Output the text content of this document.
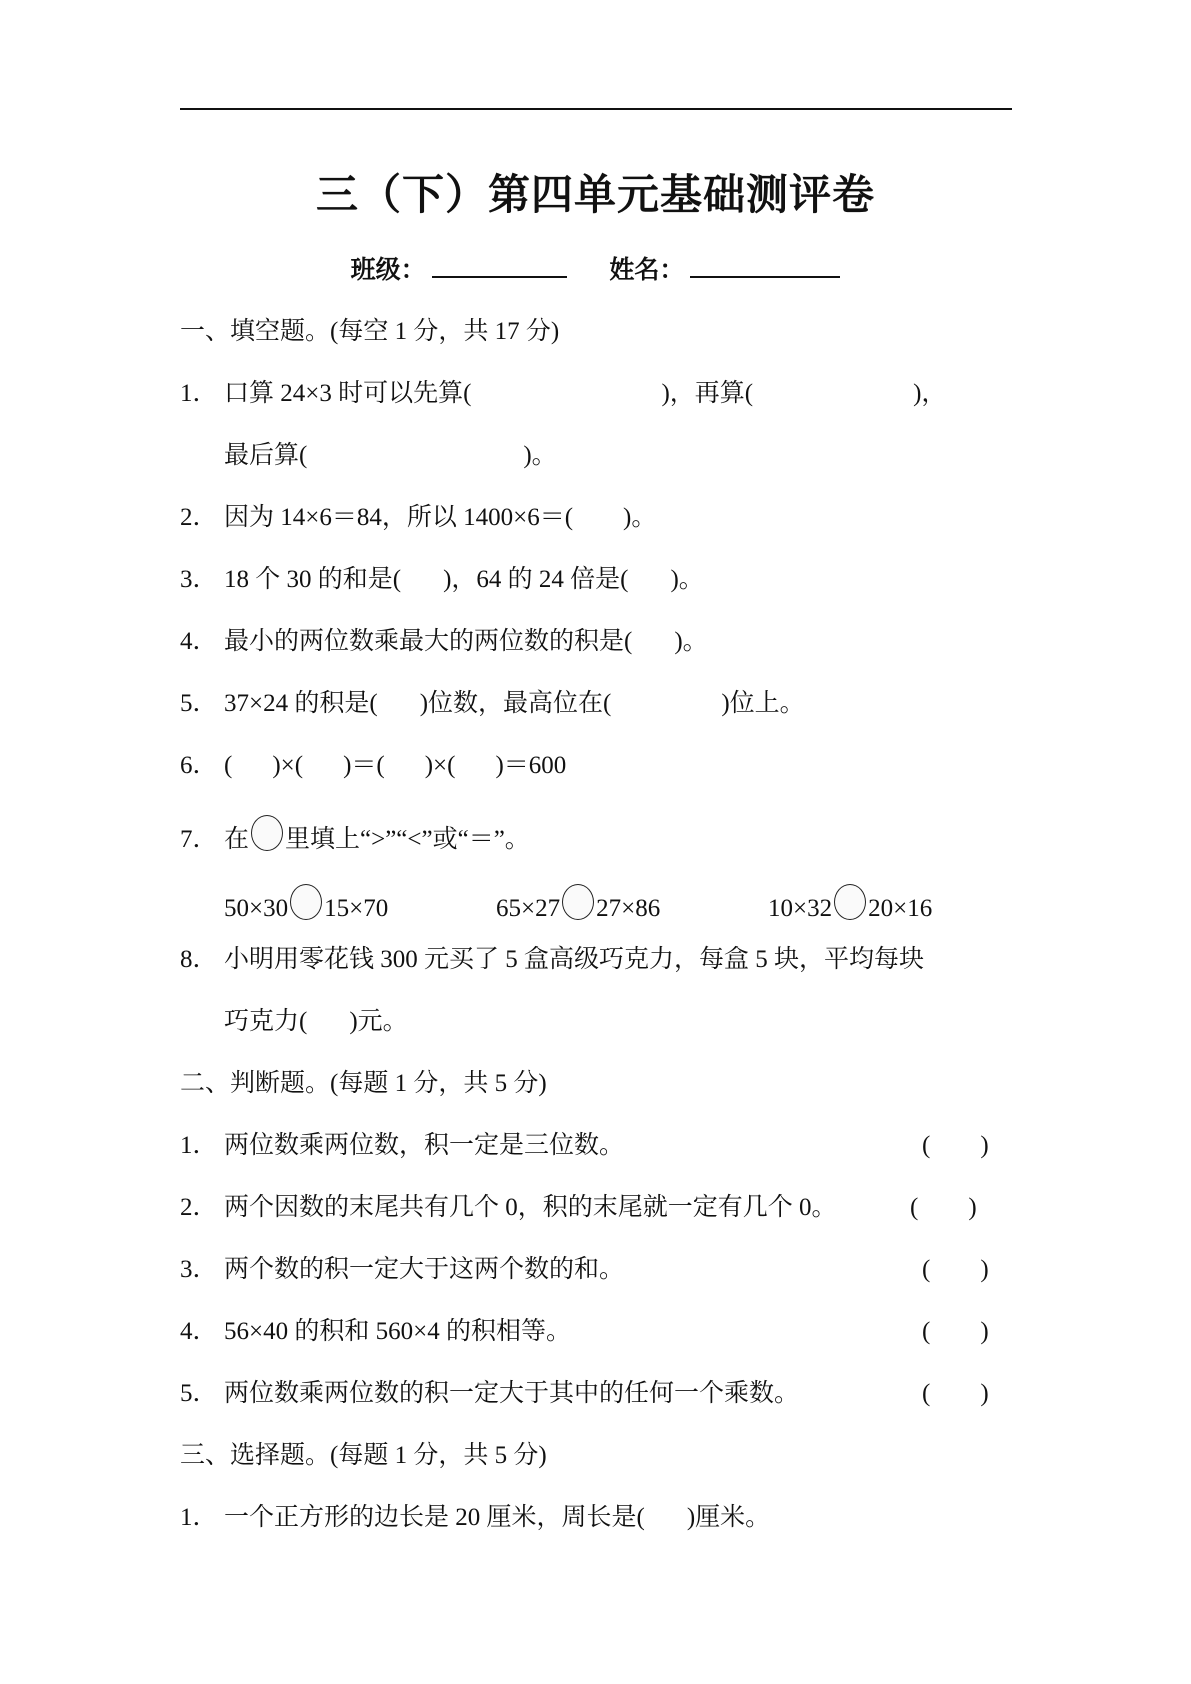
三（下）第四单元基础测评卷
班级：	姓名：
一、填空题。(每空 1 分，共 17 分)
1． 口算 24×3 时可以先算(	)，再算(	)，
最后算(	)。
2． 因为 14×6＝84，所以 1400×6＝( )。
3． 18 个 30 的和是( )，64 的 24 倍是( )。
4． 最小的两位数乘最大的两位数的积是( )。
5． 37×24 的积是( )位数，最高位在(	)位上。
6． ( )×( )＝( )×( )＝600
7． 在 里填上“>”“<”或“＝”。

50×30 15×70

	65×27 27×86

	10×32 20×16

8． 小明用零花钱 300 元买了 5 盒高级巧克力，每盒 5 块，平均每块
巧克力( )元。
二、判断题。(每题 1 分，共 5 分)
1． 两位数乘两位数，积一定是三位数。	(        )
2． 两个因数的末尾共有几个 0，积的末尾就一定有几个 0。	(        )
3． 两个数的积一定大于这两个数的和。	(        )
4． 56×40 的积和 560×4 的积相等。	(        )
5． 两位数乘两位数的积一定大于其中的任何一个乘数。	(        )
三、选择题。(每题 1 分，共 5 分)
1． 一个正方形的边长是 20 厘米，周长是( )厘米。
